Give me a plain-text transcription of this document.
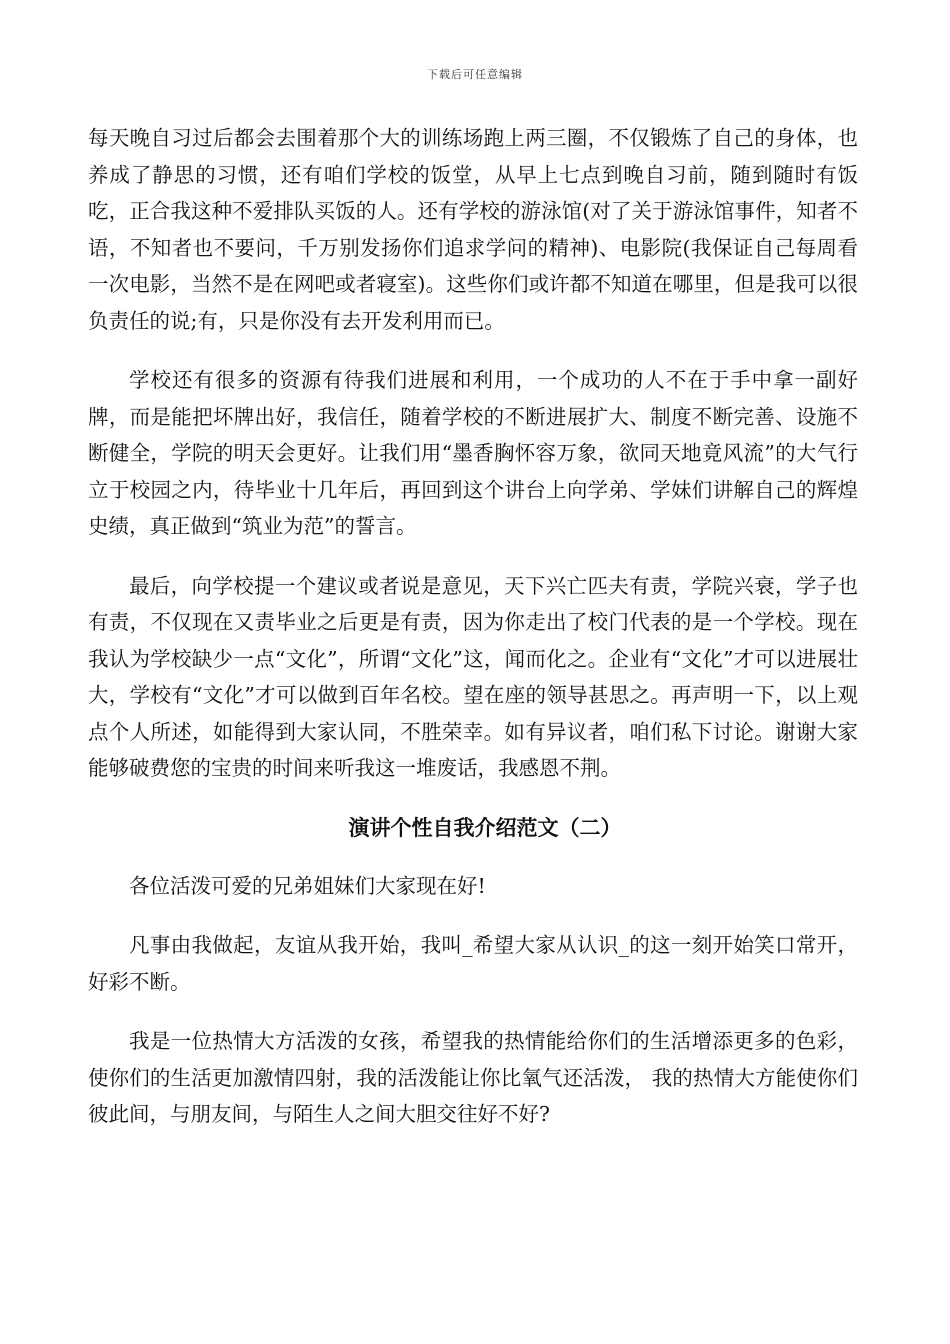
下载后可任意编辑

每天晚自习过后都会去围着那个大的训练场跑上两三圈，不仅锻炼了自己的身体，也养成了静思的习惯，还有咱们学校的饭堂，从早上七点到晚自习前，随到随时有饭吃，正合我这种不爱排队买饭的人。还有学校的游泳馆(对了关于游泳馆事件，知者不语，不知者也不要问，千万别发扬你们追求学问的精神)、电影院(我保证自己每周看一次电影，当然不是在网吧或者寝室)。这些你们或许都不知道在哪里，但是我可以很负责任的说;有，只是你没有去开发利用而已。

学校还有很多的资源有待我们进展和利用，一个成功的人不在于手中拿一副好牌，而是能把坏牌出好，我信任，随着学校的不断进展扩大、制度不断完善、设施不断健全，学院的明天会更好。让我们用“墨香胸怀容万象，欲同天地竟风流”的大气行立于校园之内，待毕业十几年后，再回到这个讲台上向学弟、学妹们讲解自己的辉煌史绩，真正做到“筑业为范”的誓言。

最后，向学校提一个建议或者说是意见，天下兴亡匹夫有责，学院兴衰，学子也有责，不仅现在又责毕业之后更是有责，因为你走出了校门代表的是一个学校。现在我认为学校缺少一点“文化”，所谓“文化”这，闻而化之。企业有“文化”才可以进展壮大，学校有“文化”才可以做到百年名校。望在座的领导甚思之。再声明一下，以上观点个人所述，如能得到大家认同，不胜荣幸。如有异议者，咱们私下讨论。谢谢大家能够破费您的宝贵的时间来听我这一堆废话，我感恩不荆。

演讲个性自我介绍范文（二）

各位活泼可爱的兄弟姐妹们大家现在好!

凡事由我做起，友谊从我开始，我叫_希望大家从认识_的这一刻开始笑口常开，好彩不断。

我是一位热情大方活泼的女孩，希望我的热情能给你们的生活增添更多的色彩，使你们的生活更加激情四射，我的活泼能让你比氧气还活泼， 我的热情大方能使你们彼此间，与朋友间，与陌生人之间大胆交往好不好?
